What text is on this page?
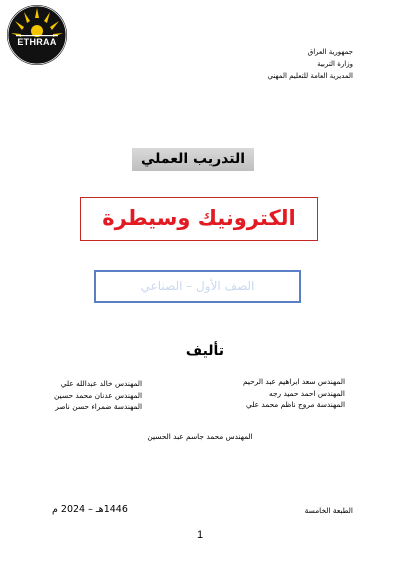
ETHRAA
جمهورية العراق
وزارة التربية
المديرية العامة للتعليم المهني
التدريب العملي
الكترونيك وسيطرة
الصف الأول – الصناعي
تأليف
المهندس سعد ابراهيم عبد الرحيم
المهندس احمد حميد رجه
المهندسة مروج ناظم محمد علي
المهندس خالد عبدالله علي
المهندس عدنان محمد حسين
المهندسة ضمراء حسن ناصر
المهندس محمد جاسم عبد الحسين
الطبعة الخامسة
1446هـ – 2024 م
1
